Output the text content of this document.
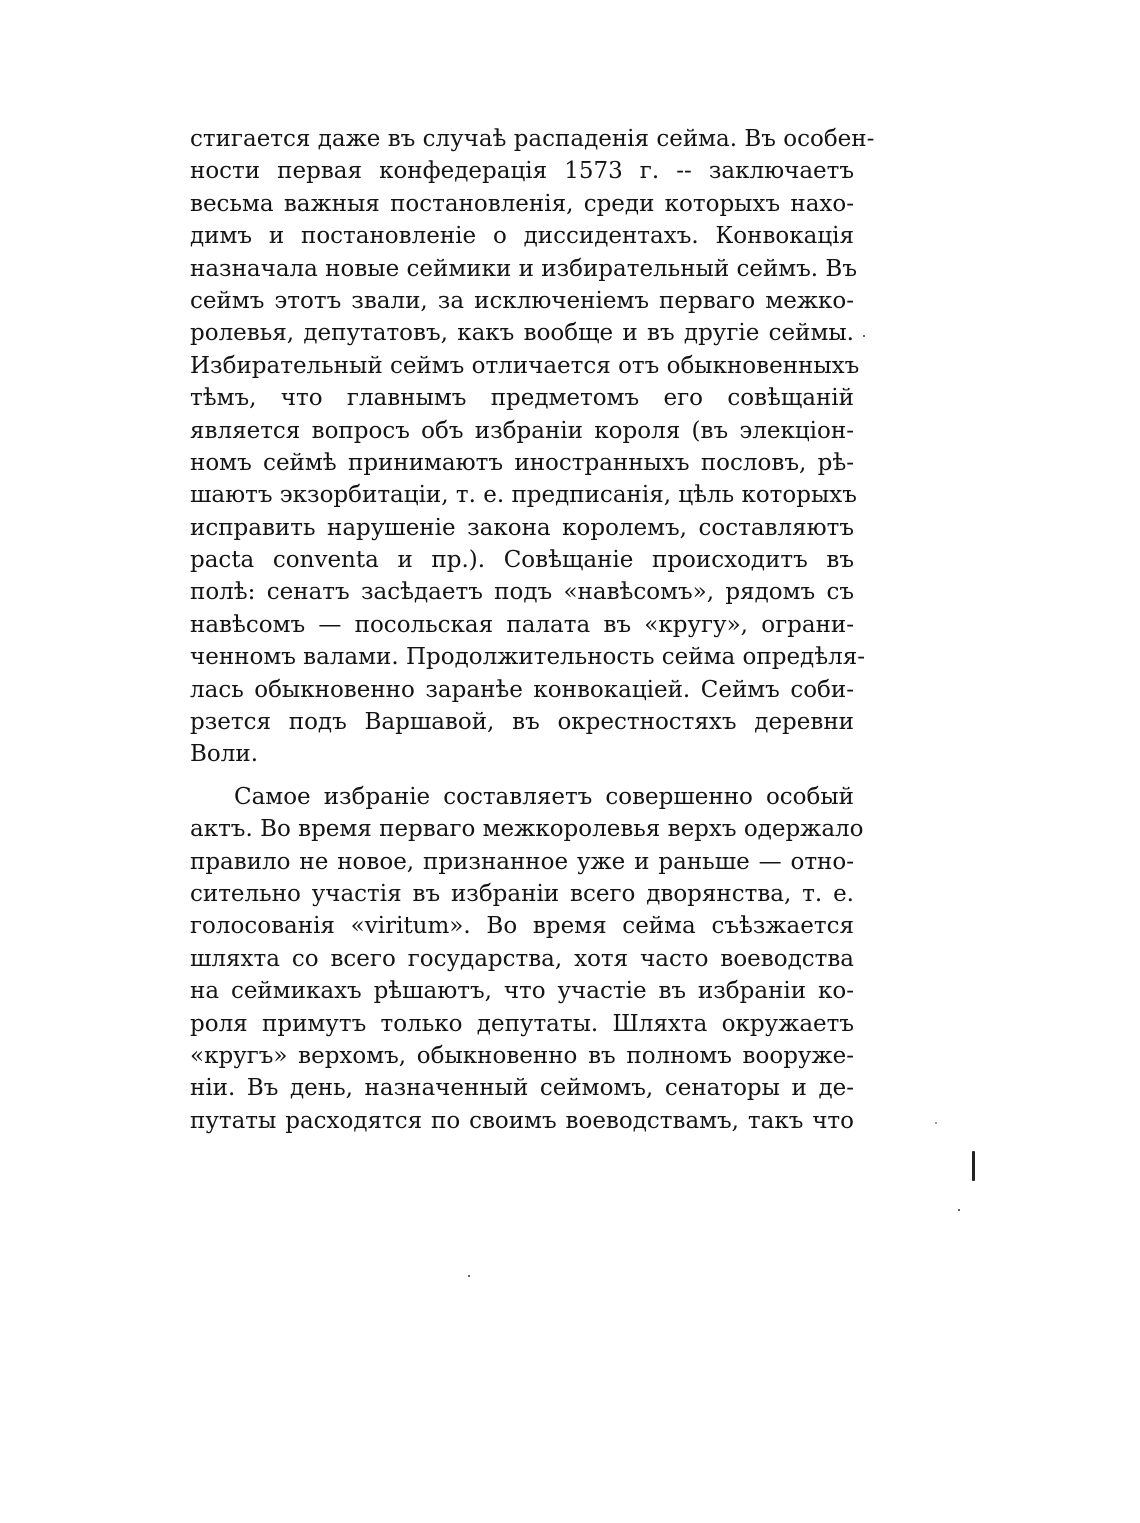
стигается даже въ случаѣ распаденія сейма. Въ особен-
ности первая конфедерація 1573 г. -- заключаетъ
весьма важныя постановленія, среди которыхъ нахо-
димъ и постановленіе о диссидентахъ. Конвокація
назначала новые сеймики и избирательный сеймъ. Въ
сеймъ этотъ звали, за исключеніемъ перваго межко-
ролевья, депутатовъ, какъ вообще и въ другіе сеймы.
Избирательный сеймъ отличается отъ обыкновенныхъ
тѣмъ, что главнымъ предметомъ его совѣщаній
является вопросъ объ избраніи короля (въ элекціон-
номъ сеймѣ принимаютъ иностранныхъ пословъ, рѣ-
шаютъ экзорбитаціи, т. е. предписанія, цѣль которыхъ
исправить нарушеніе закона королемъ, составляютъ
pacta conventa и пр.). Совѣщаніе происходитъ въ
полѣ: сенатъ засѣдаетъ подъ «навѣсомъ», рядомъ съ
навѣсомъ — посольская палата въ «кругу», ограни-
ченномъ валами. Продолжительность сейма опредѣля-
лась обыкновенно заранѣе конвокаціей. Сеймъ соби-
рзется подъ Варшавой, въ окрестностяхъ деревни
Воли.
Самое избраніе составляетъ совершенно особый
актъ. Во время перваго межкоролевья верхъ одержало
правило не новое, признанное уже и раньше — отно-
сительно участія въ избраніи всего дворянства, т. е.
голосованія «viritum». Во время сейма съѣзжается
шляхта со всего государства, хотя часто воеводства
на сеймикахъ рѣшаютъ, что участіе въ избраніи ко-
роля примутъ только депутаты. Шляхта окружаетъ
«кругъ» верхомъ, обыкновенно въ полномъ вооруже-
ніи. Въ день, назначенный сеймомъ, сенаторы и де-
путаты расходятся по своимъ воеводствамъ, такъ что
